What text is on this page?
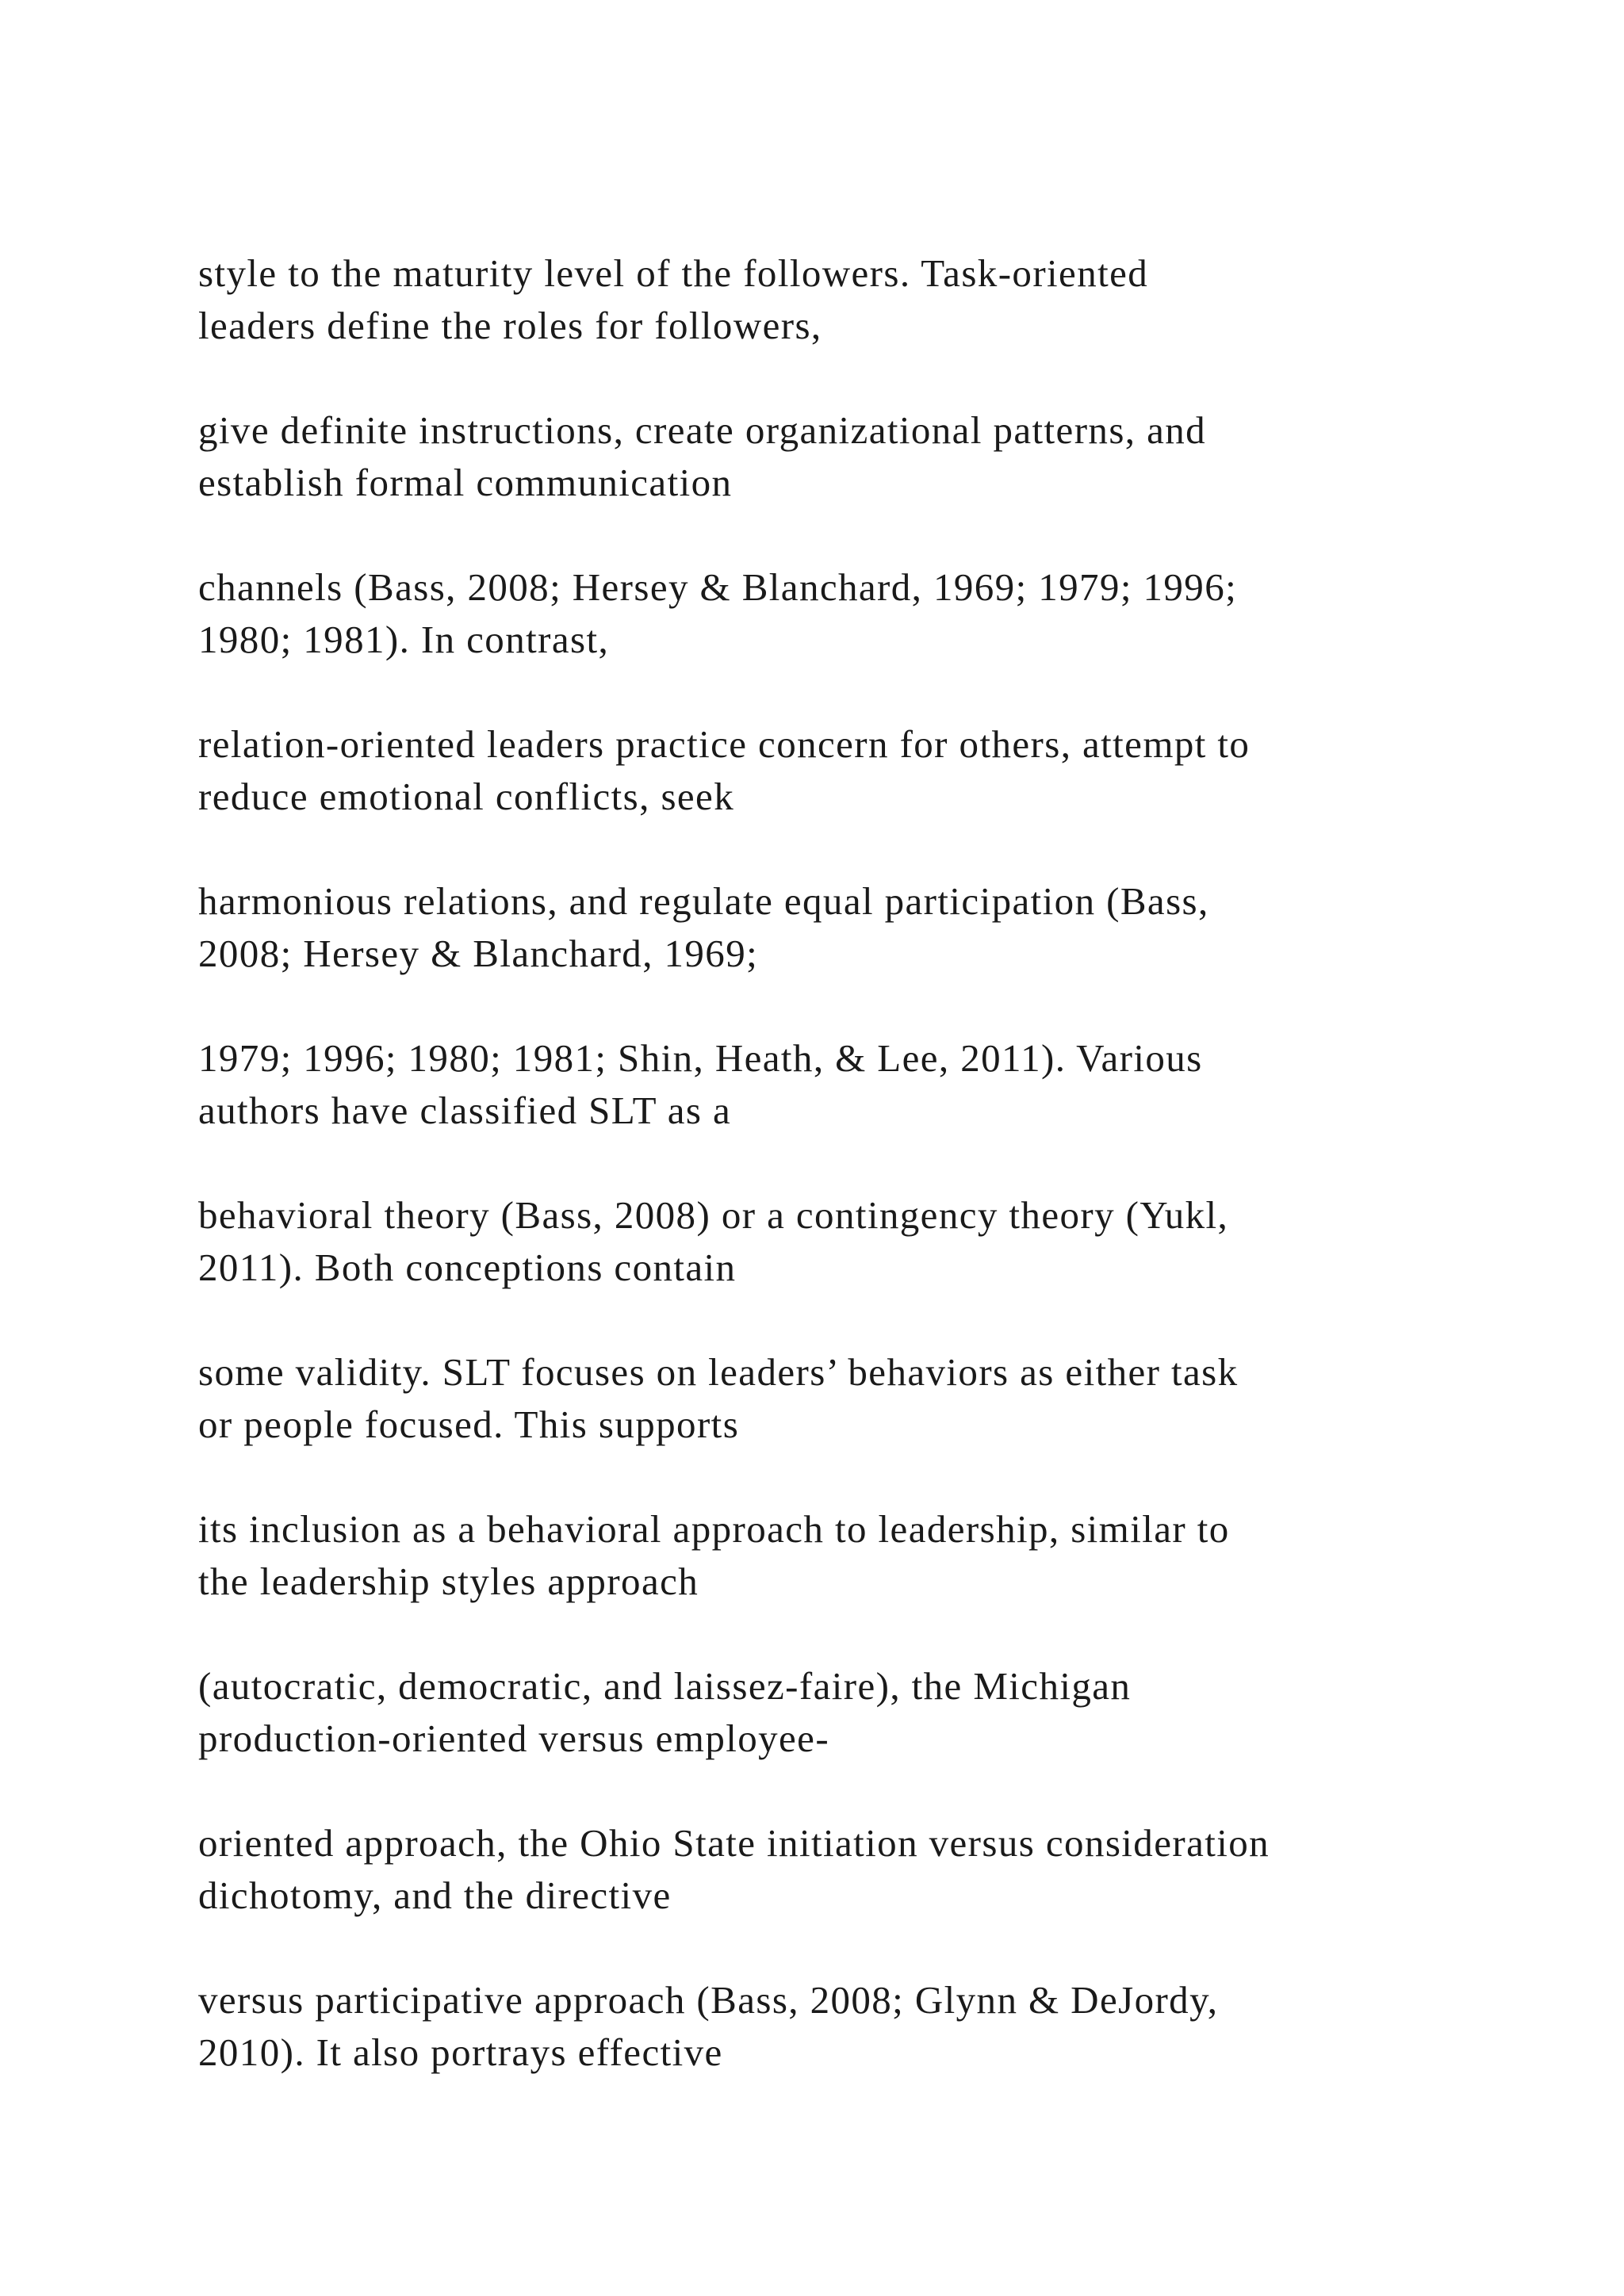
style to the maturity level of the followers. Task-oriented
leaders define the roles for followers,

give definite instructions, create organizational patterns, and
establish formal communication

channels (Bass, 2008; Hersey & Blanchard, 1969; 1979; 1996;
1980; 1981). In contrast,

relation-oriented leaders practice concern for others, attempt to
reduce emotional conflicts, seek

harmonious relations, and regulate equal participation (Bass,
2008; Hersey & Blanchard, 1969;

1979; 1996; 1980; 1981; Shin, Heath, & Lee, 2011). Various
authors have classified SLT as a

behavioral theory (Bass, 2008) or a contingency theory (Yukl,
2011). Both conceptions contain

some validity. SLT focuses on leaders’ behaviors as either task
or people focused. This supports

its inclusion as a behavioral approach to leadership, similar to
the leadership styles approach

(autocratic, democratic, and laissez-faire), the Michigan
production-oriented versus employee-

oriented approach, the Ohio State initiation versus consideration
dichotomy, and the directive

versus participative approach (Bass, 2008; Glynn & DeJordy,
2010). It also portrays effective
